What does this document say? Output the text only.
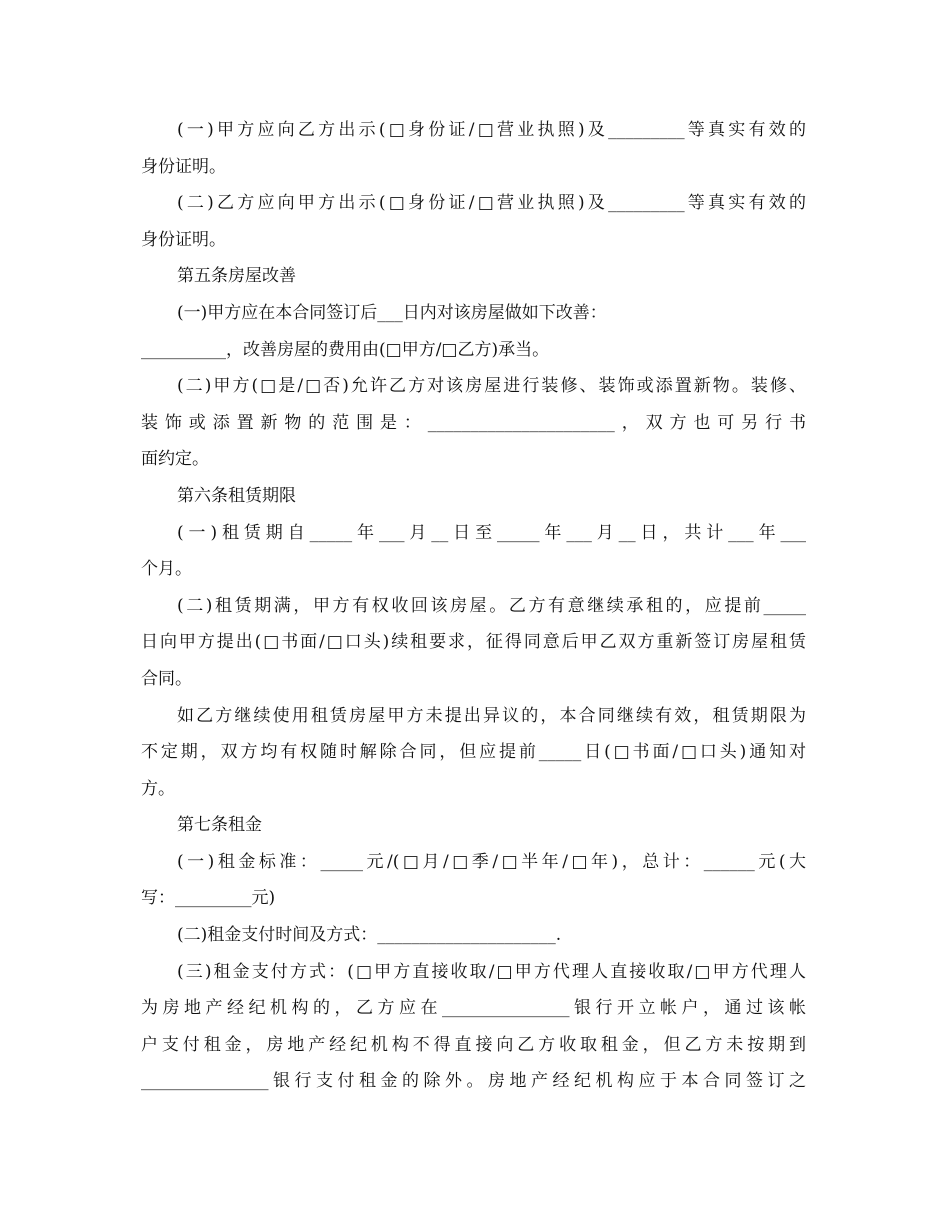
(一)甲方应向乙方出示(□身份证/□营业执照)及_________等真实有效的
身份证明。
(二)乙方应向甲方出示(□身份证/□营业执照)及_________等真实有效的
身份证明。
第五条房屋改善
(一)甲方应在本合同签订后___日内对该房屋做如下改善：
__________，改善房屋的费用由(□甲方/□乙方)承当。
(二)甲方(□是/□否)允许乙方对该房屋进行装修、装饰或添置新物。装修、
装饰或添置新物的范围是：______________________，双方也可另行书
面约定。
第六条租赁期限
(一)租赁期自_____年___月__日至_____年___月__日，共计___年___
个月。
(二)租赁期满，甲方有权收回该房屋。乙方有意继续承租的，应提前_____
日向甲方提出(□书面/□口头)续租要求，征得同意后甲乙双方重新签订房屋租赁
合同。
如乙方继续使用租赁房屋甲方未提出异议的，本合同继续有效，租赁期限为
不定期，双方均有权随时解除合同，但应提前_____日(□书面/□口头)通知对
方。
第七条租金
(一)租金标准：_____元/(□月/□季/□半年/□年)，总计：______元(大
写：_________元)
(二)租金支付时间及方式：_____________________.
(三)租金支付方式：(□甲方直接收取/□甲方代理人直接收取/□甲方代理人
为房地产经纪机构的，乙方应在_______________银行开立帐户，通过该帐
户支付租金，房地产经纪机构不得直接向乙方收取租金，但乙方未按期到
_______________银行支付租金的除外。房地产经纪机构应于本合同签订之
